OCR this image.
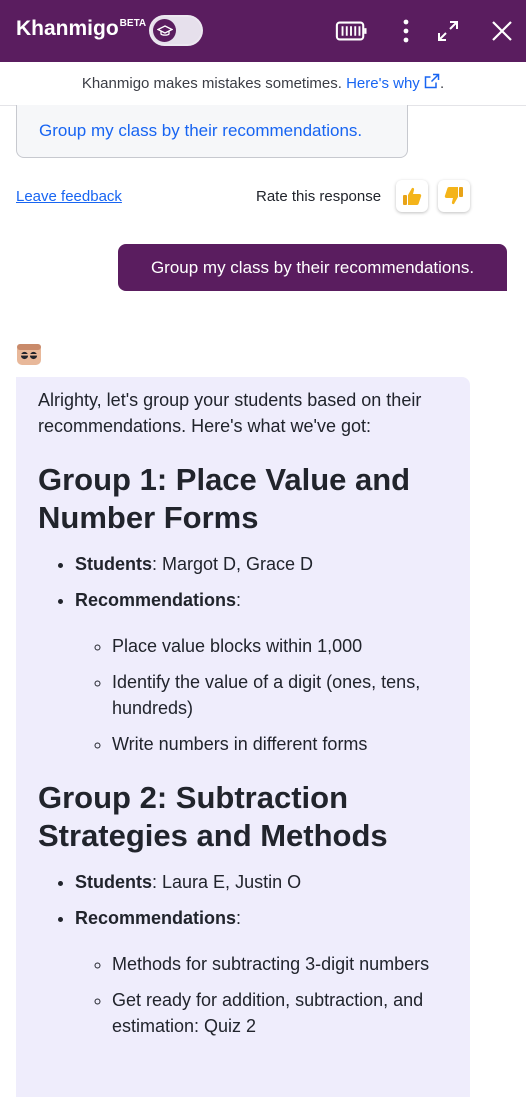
Khanmigo BETA
Khanmigo makes mistakes sometimes. Here's why .
Group my class by their recommendations.
Leave feedback	Rate this response
Group my class by their recommendations.

Alrighty, let's group your students based on their recommendations. Here's what we've got:

Group 1: Place Value and Number Forms
• Students: Margot D, Grace D
• Recommendations:
◦ Place value blocks within 1,000
◦ Identify the value of a digit (ones, tens, hundreds)
◦ Write numbers in different forms
Group 2: Subtraction Strategies and Methods
• Students: Laura E, Justin O
• Recommendations:
◦ Methods for subtracting 3-digit numbers
◦ Get ready for addition, subtraction, and estimation: Quiz 2
